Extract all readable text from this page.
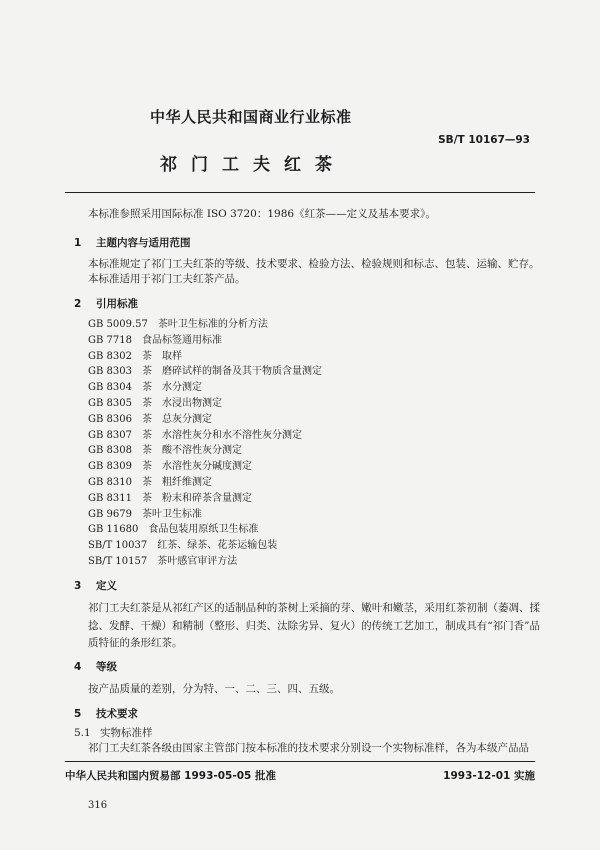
中华人民共和国商业行业标准
SB/T 10167—93
祁门工夫红茶
本标准参照采用国际标准 ISO 3720：1986《红茶——定义及基本要求》。
1 主题内容与适用范围
本标准规定了祁门工夫红茶的等级、技术要求、检验方法、检验规则和标志、包装、运输、贮存。
本标准适用于祁门工夫红茶产品。
2 引用标准
GB 5009.57 茶叶卫生标准的分析方法
GB 7718 食品标签通用标准
GB 8302 茶　取样
GB 8303 茶　磨碎试样的制备及其干物质含量测定
GB 8304 茶　水分测定
GB 8305 茶　水浸出物测定
GB 8306 茶　总灰分测定
GB 8307 茶　水溶性灰分和水不溶性灰分测定
GB 8308 茶　酸不溶性灰分测定
GB 8309 茶　水溶性灰分碱度测定
GB 8310 茶　粗纤维测定
GB 8311 茶　粉末和碎茶含量测定
GB 9679 茶叶卫生标准
GB 11680 食品包装用原纸卫生标准
SB/T 10037 红茶、绿茶、花茶运输包装
SB/T 10157 茶叶感官审评方法
3 定义
祁门工夫红茶是从祁红产区的适制品种的茶树上采摘的芽、嫩叶和嫩茎，采用红茶初制（萎凋、揉捻、发酵、干燥）和精制（整形、归类、汰除劣异、复火）的传统工艺加工，制成具有“祁门香”品质特征的条形红茶。
4 等级
按产品质量的差别，分为特、一、二、三、四、五级。
5 技术要求
5.1 实物标准样
祁门工夫红茶各级由国家主管部门按本标准的技术要求分别设一个实物标准样，各为本级产品品
中华人民共和国内贸易部 1993-05-05 批准	1993-12-01 实施
316
